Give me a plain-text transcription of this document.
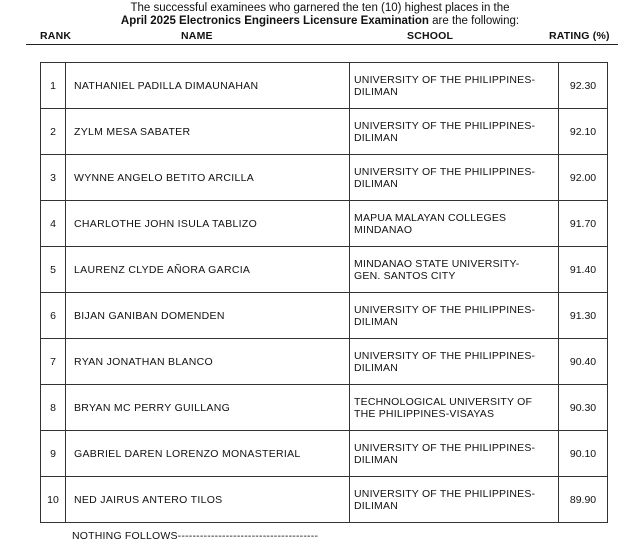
The successful examinees who garnered the ten (10) highest places in the
April 2025 Electronics Engineers Licensure Examination are the following:
RANK	NAME	SCHOOL	RATING (%)
1	NATHANIEL PADILLA DIMAUNAHAN	UNIVERSITY OF THE PHILIPPINES-
DILIMAN	92.30
2	ZYLM MESA SABATER	UNIVERSITY OF THE PHILIPPINES-
DILIMAN	92.10
3	WYNNE ANGELO BETITO ARCILLA	UNIVERSITY OF THE PHILIPPINES-
DILIMAN	92.00
4	CHARLOTHE JOHN ISULA TABLIZO	MAPUA MALAYAN COLLEGES
MINDANAO	91.70
5	LAURENZ CLYDE AÑORA GARCIA	MINDANAO STATE UNIVERSITY-
GEN. SANTOS CITY	91.40
6	BIJAN GANIBAN DOMENDEN	UNIVERSITY OF THE PHILIPPINES-
DILIMAN	91.30
7	RYAN JONATHAN BLANCO	UNIVERSITY OF THE PHILIPPINES-
DILIMAN	90.40
8	BRYAN MC PERRY GUILLANG	TECHNOLOGICAL UNIVERSITY OF
THE PHILIPPINES-VISAYAS	90.30
9	GABRIEL DAREN LORENZO MONASTERIAL	UNIVERSITY OF THE PHILIPPINES-
DILIMAN	90.10
10	NED JAIRUS ANTERO TILOS	UNIVERSITY OF THE PHILIPPINES-
DILIMAN	89.90
NOTHING FOLLOWS--------------------------------------
